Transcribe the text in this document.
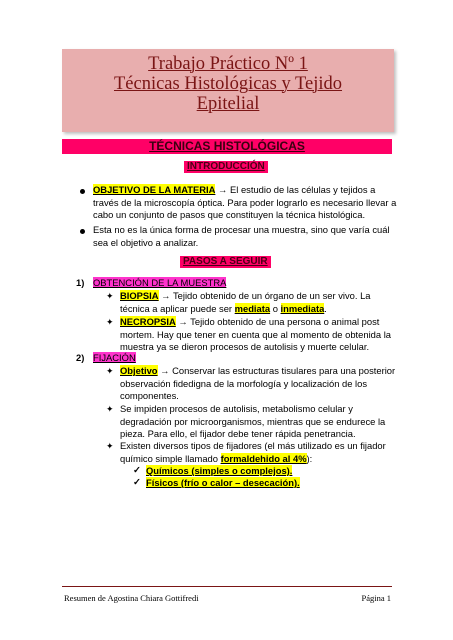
Trabajo Práctico Nº 1
Técnicas Histológicas y Tejido
Epitelial
TÉCNICAS HISTOLÓGICAS
INTRODUCCIÓN
OBJETIVO DE LA MATERIA → El estudio de las células y tejidos a
través de la microscopía óptica. Para poder lograrlo es necesario llevar a
cabo un conjunto de pasos que constituyen la técnica histológica.
Esta no es la única forma de procesar una muestra, sino que varía cuál
sea el objetivo a analizar.
PASOS A SEGUIR
1) OBTENCIÓN DE LA MUESTRA
✦ BIOPSIA → Tejido obtenido de un órgano de un ser vivo. La
técnica a aplicar puede ser mediata o inmediata.
✦ NECROPSIA → Tejido obtenido de una persona o animal post
mortem. Hay que tener en cuenta que al momento de obtenida la
muestra ya se dieron procesos de autolisis y muerte celular.
2) FIJACIÓN
✦ Objetivo → Conservar las estructuras tisulares para una posterior
observación fidedigna de la morfología y localización de los
componentes.
✦ Se impiden procesos de autolisis, metabolismo celular y
degradación por microorganismos, mientras que se endurece la
pieza. Para ello, el fijador debe tener rápida penetrancia.
✦ Existen diversos tipos de fijadores (el más utilizado es un fijador
químico simple llamado formaldehido al 4%):
✓ Químicos (simples o complejos).
✓ Físicos (frío o calor – desecación).
Resumen de Agostina Chiara Gottifredi	Página 1
